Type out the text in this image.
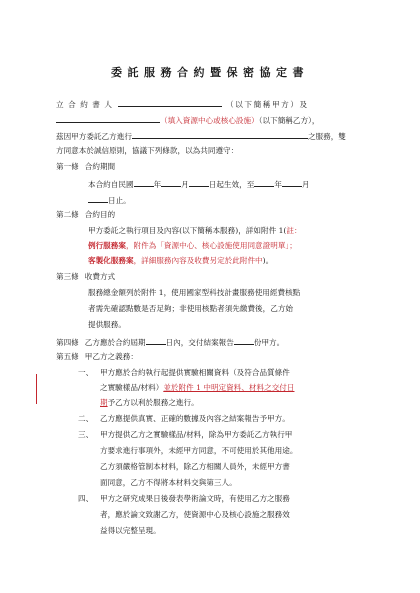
委託服務合約暨保密協定書
立合約書人	（以下簡稱甲方）及
（填入資源中心或核心設施）（以下簡稱乙方），
茲因甲方委託乙方進行	之服務，雙
方同意本於誠信原則，協議下列條款，以為共同遵守：
第一條 合約期間
本合約自民國	年	月	日起生效，至	年	月
日止。
第二條 合約目的
甲方委託之執行項目及內容(以下簡稱本服務)，詳如附件 1(註：
例行服務案，附件為「資源中心、核心設施使用同意證明單」；
客製化服務案，詳細服務內容及收費另定於此附件中)。
第三條 收費方式
服務總金額列於附件 1，使用國家型科技計畫服務使用經費核點
者需先確認點數是否足夠；非使用核點者須先繳費後，乙方始
提供服務。
第四條 乙方應於合約屆期	日內，交付結案報告	份甲方。
第五條 甲乙方之義務：
一、 甲方應於合約執行起提供實驗相關資料（及符合品質條件
之實驗樣品/材料）並於附件 1 中明定資料、材料之交付日
期予乙方以利於服務之進行。
二、 乙方應提供真實、正確的數據及內容之結案報告予甲方。
三、 甲方提供乙方之實驗樣品/材料，除為甲方委託乙方執行甲
方要求進行事項外，未經甲方同意，不可使用於其他用途。
乙方須嚴格管制本材料，除乙方相關人員外，未經甲方書
面同意，乙方不得將本材料交與第三人。
四、 甲方之研究成果日後發表學術論文時，有使用乙方之服務
者，應於論文致謝乙方，使資源中心及核心設施之服務效
益得以完整呈現。
